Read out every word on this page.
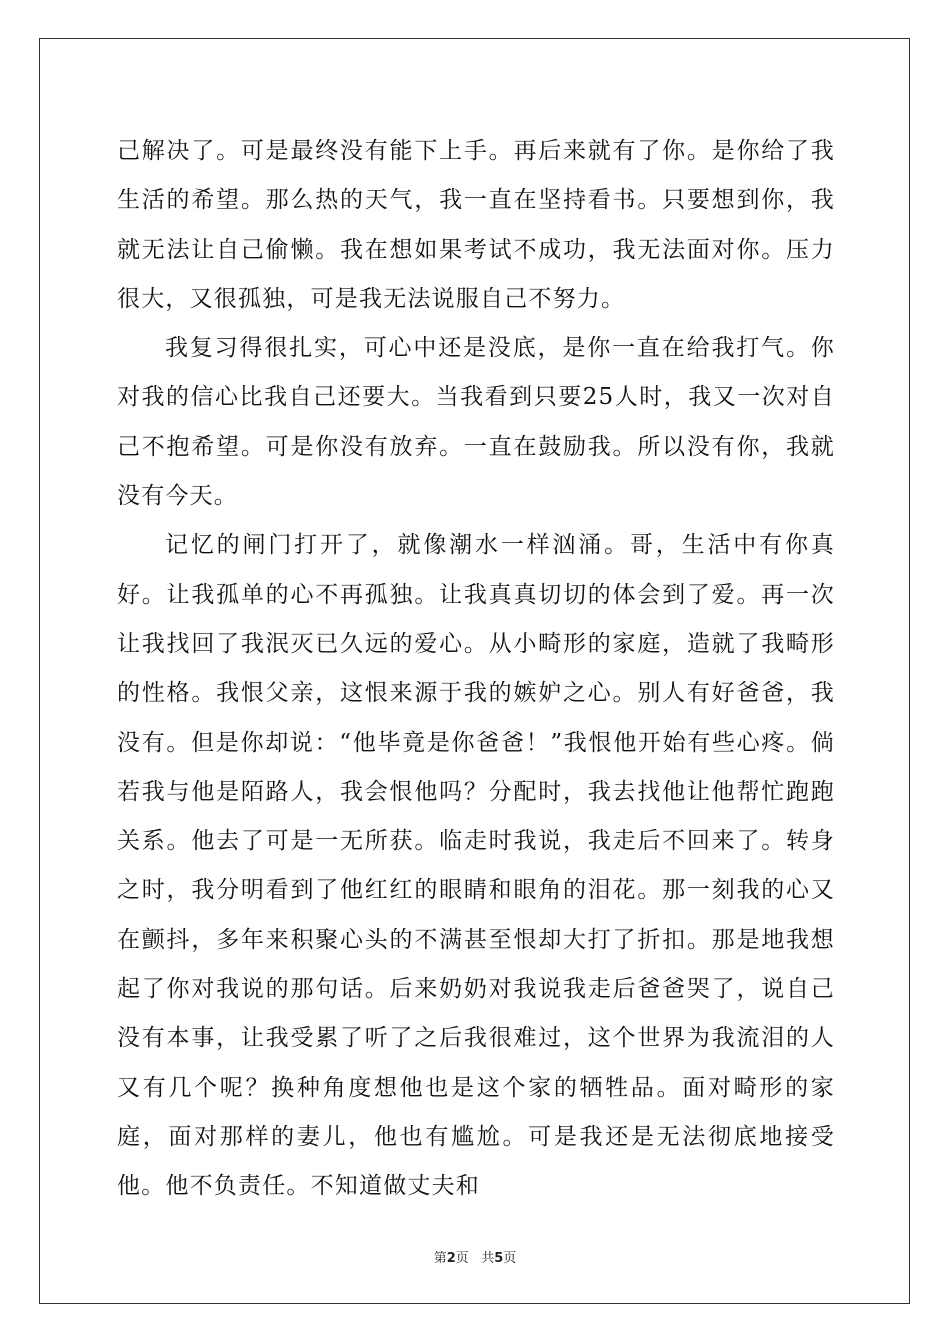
己解决了。可是最终没有能下上手。再后来就有了你。是你给了我生活的希望。那么热的天气，我一直在坚持看书。只要想到你，我就无法让自己偷懒。我在想如果考试不成功，我无法面对你。压力很大，又很孤独，可是我无法说服自己不努力。

我复习得很扎实，可心中还是没底，是你一直在给我打气。你对我的信心比我自己还要大。当我看到只要25人时，我又一次对自己不抱希望。可是你没有放弃。一直在鼓励我。所以没有你，我就没有今天。

记忆的闸门打开了，就像潮水一样汹涌。哥，生活中有你真好。让我孤单的心不再孤独。让我真真切切的体会到了爱。再一次让我找回了我泯灭已久远的爱心。从小畸形的家庭，造就了我畸形的性格。我恨父亲，这恨来源于我的嫉妒之心。别人有好爸爸，我没有。但是你却说：“他毕竟是你爸爸！”我恨他开始有些心疼。倘若我与他是陌路人，我会恨他吗？分配时，我去找他让他帮忙跑跑关系。他去了可是一无所获。临走时我说，我走后不回来了。转身之时，我分明看到了他红红的眼睛和眼角的泪花。那一刻我的心又在颤抖，多年来积聚心头的不满甚至恨却大打了折扣。那是地我想起了你对我说的那句话。后来奶奶对我说我走后爸爸哭了，说自己没有本事，让我受累了听了之后我很难过，这个世界为我流泪的人又有几个呢？换种角度想他也是这个家的牺牲品。面对畸形的家庭，面对那样的妻儿，他也有尴尬。可是我还是无法彻底地接受他。他不负责任。不知道做丈夫和

第2页 共5页
